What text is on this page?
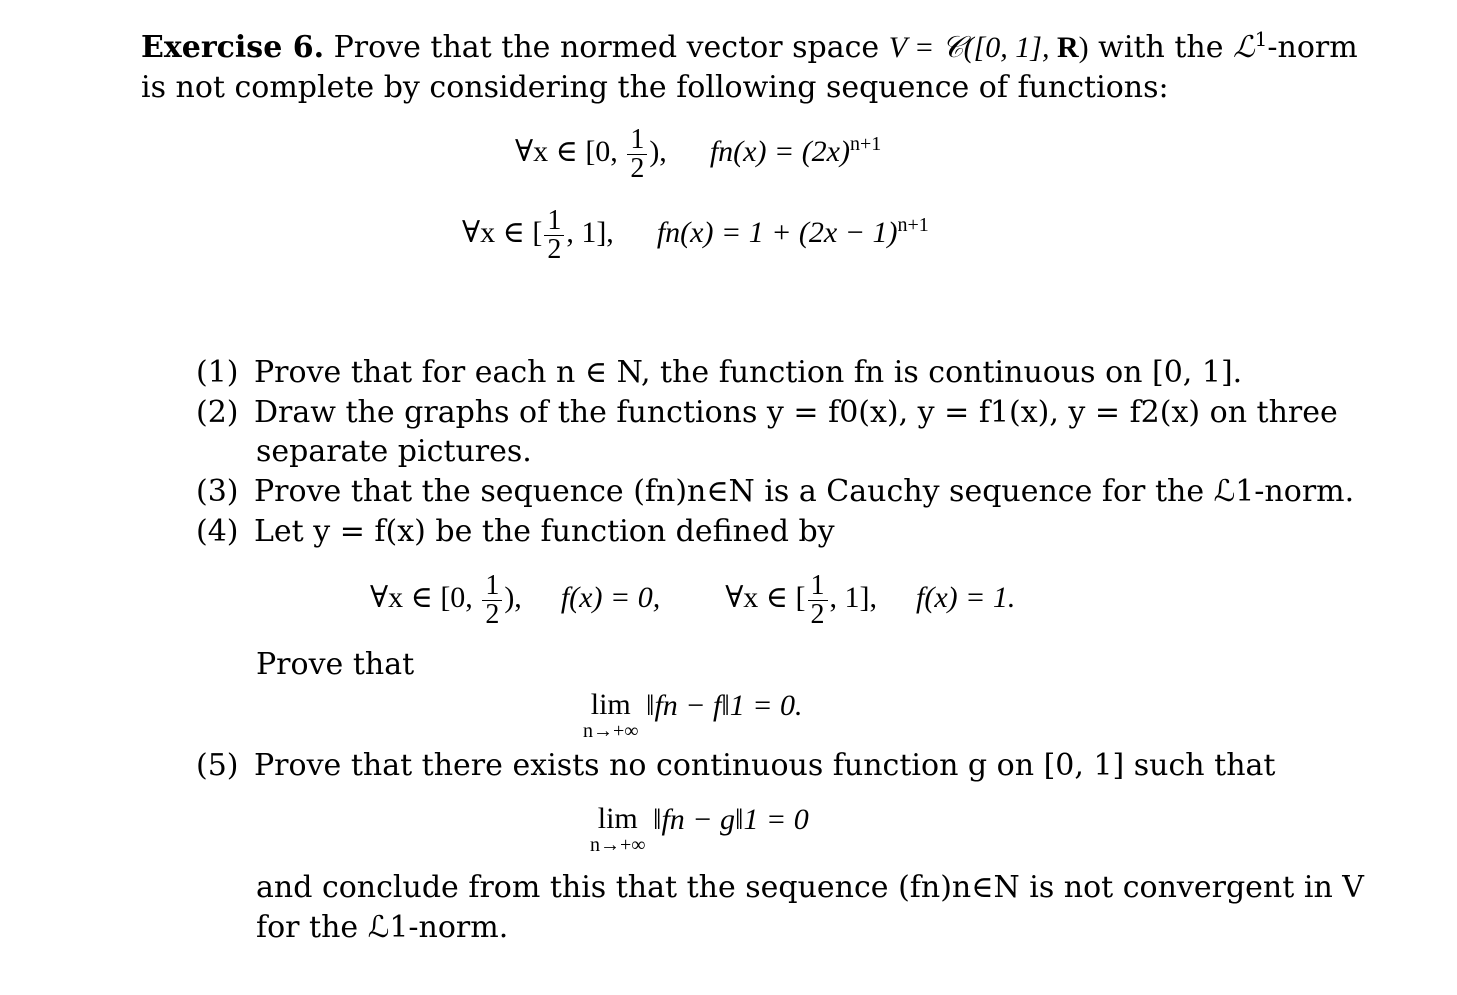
Exercise 6. Prove that the normed vector space V = 𝒞([0, 1], R) with the ℒ$^1$-norm
is not complete by considering the following sequence of functions:
∀x ∈ [0, $\frac{1}{2}$ ), $fn(x) = (2x)^{n+1}$
∀x ∈ [ $\frac{1}{2}$ , 1], $fn(x) = 1 + (2x - 1)^{n+1}$
(1) Prove that for each n ∈ N, the function fn is continuous on [0, 1].
(2) Draw the graphs of the functions y = f0(x), y = f1(x), y = f2(x) on three
separate pictures.
(3) Prove that the sequence (fn)n∈N is a Cauchy sequence for the ℒ1-norm.
(4) Let y = f(x) be the function defined by
∀x ∈ [0, $\frac{1}{2}$ ), f(x) = 0, ∀x ∈ [ $\frac{1}{2}$ , 1], f(x) = 1.
Prove that
lim
n→+∞
‖fn − f‖1 = 0.
(5) Prove that there exists no continuous function g on [0, 1] such that
lim
n→+∞
‖fn − g‖1 = 0
and conclude from this that the sequence (fn)n∈N is not convergent in V
for the ℒ1-norm.
